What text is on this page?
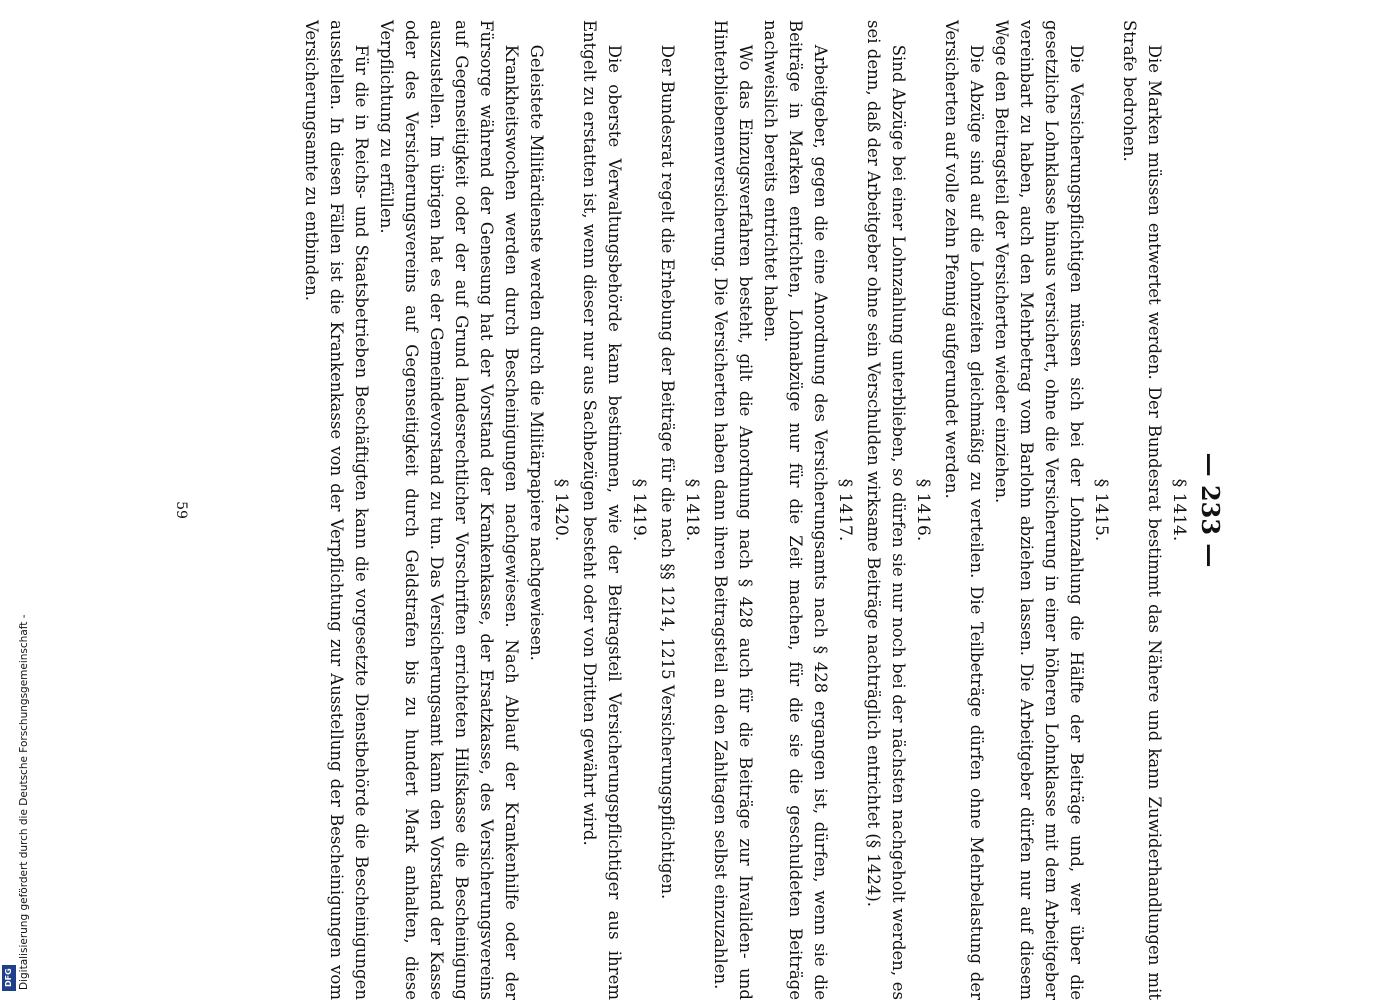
— 233 —
§ 1414.

Die Marken müssen entwertet werden. Der Bundesrat bestimmt das Nähere und kann Zuwiderhandlungen mit Strafe bedrohen.

§ 1415.

Die Versicherungspflichtigen müssen sich bei der Lohnzahlung die Hälfte der Beiträge und, wer über die gesetzliche Lohnklasse hinaus versichert, ohne die Versicherung in einer höheren Lohnklasse mit dem Arbeitgeber vereinbart zu haben, auch den Mehrbetrag vom Barlohn abziehen lassen. Die Arbeitgeber dürfen nur auf diesem Wege den Beitragsteil der Versicherten wieder einziehen.

Die Abzüge sind auf die Lohnzeiten gleichmäßig zu verteilen. Die Teilbeträge dürfen ohne Mehrbelastung der Versicherten auf volle zehn Pfennig aufgerundet werden.

§ 1416.

Sind Abzüge bei einer Lohnzahlung unterblieben, so dürfen sie nur noch bei der nächsten nachgeholt werden, es sei denn, daß der Arbeitgeber ohne sein Verschulden wirksame Beiträge nachträglich entrichtet (§ 1424).

§ 1417.

Arbeitgeber, gegen die eine Anordnung des Versicherungsamts nach § 428 ergangen ist, dürfen, wenn sie die Beiträge in Marken entrichten, Lohnabzüge nur für die Zeit machen, für die sie die geschuldeten Beiträge nachweislich bereits entrichtet haben.

Wo das Einzugsverfahren besteht, gilt die Anordnung nach § 428 auch für die Beiträge zur Invaliden- und Hinterbliebenenversicherung. Die Versicherten haben dann ihren Beitragsteil an den Zahltagen selbst einzuzahlen.

§ 1418.

Der Bundesrat regelt die Erhebung der Beiträge für die nach §§ 1214, 1215 Versicherungspflichtigen.

§ 1419.

Die oberste Verwaltungsbehörde kann bestimmen, wie der Beitragsteil Versicherungspflichtiger aus ihrem Entgelt zu erstatten ist, wenn dieser nur aus Sachbezügen besteht oder von Dritten gewährt wird.

§ 1420.

Geleistete Militärdienste werden durch die Militärpapiere nachgewiesen.

Krankheitswochen werden durch Bescheinigungen nachgewiesen. Nach Ablauf der Krankenhilfe oder der Fürsorge während der Genesung hat der Vorstand der Krankenkasse, der Ersatzkasse, des Versicherungsvereins auf Gegenseitigkeit oder der auf Grund landesrechtlicher Vorschriften errichteten Hilfskasse die Bescheinigung auszustellen. Im übrigen hat es der Gemeindevorstand zu tun. Das Versicherungsamt kann den Vorstand der Kasse oder des Versicherungsvereins auf Gegenseitigkeit durch Geldstrafen bis zu hundert Mark anhalten, diese Verpflichtung zu erfüllen.

Für die in Reichs- und Staatsbetrieben Beschäftigten kann die vorgesetzte Dienstbehörde die Bescheinigungen ausstellen. In diesen Fällen ist die Krankenkasse von der Verpflichtung zur Ausstellung der Bescheinigungen vom Versicherungsamte zu entbinden.

59
Digitalisierung gefördert durch die Deutsche Forschungsgemeinschaft -
DFG
